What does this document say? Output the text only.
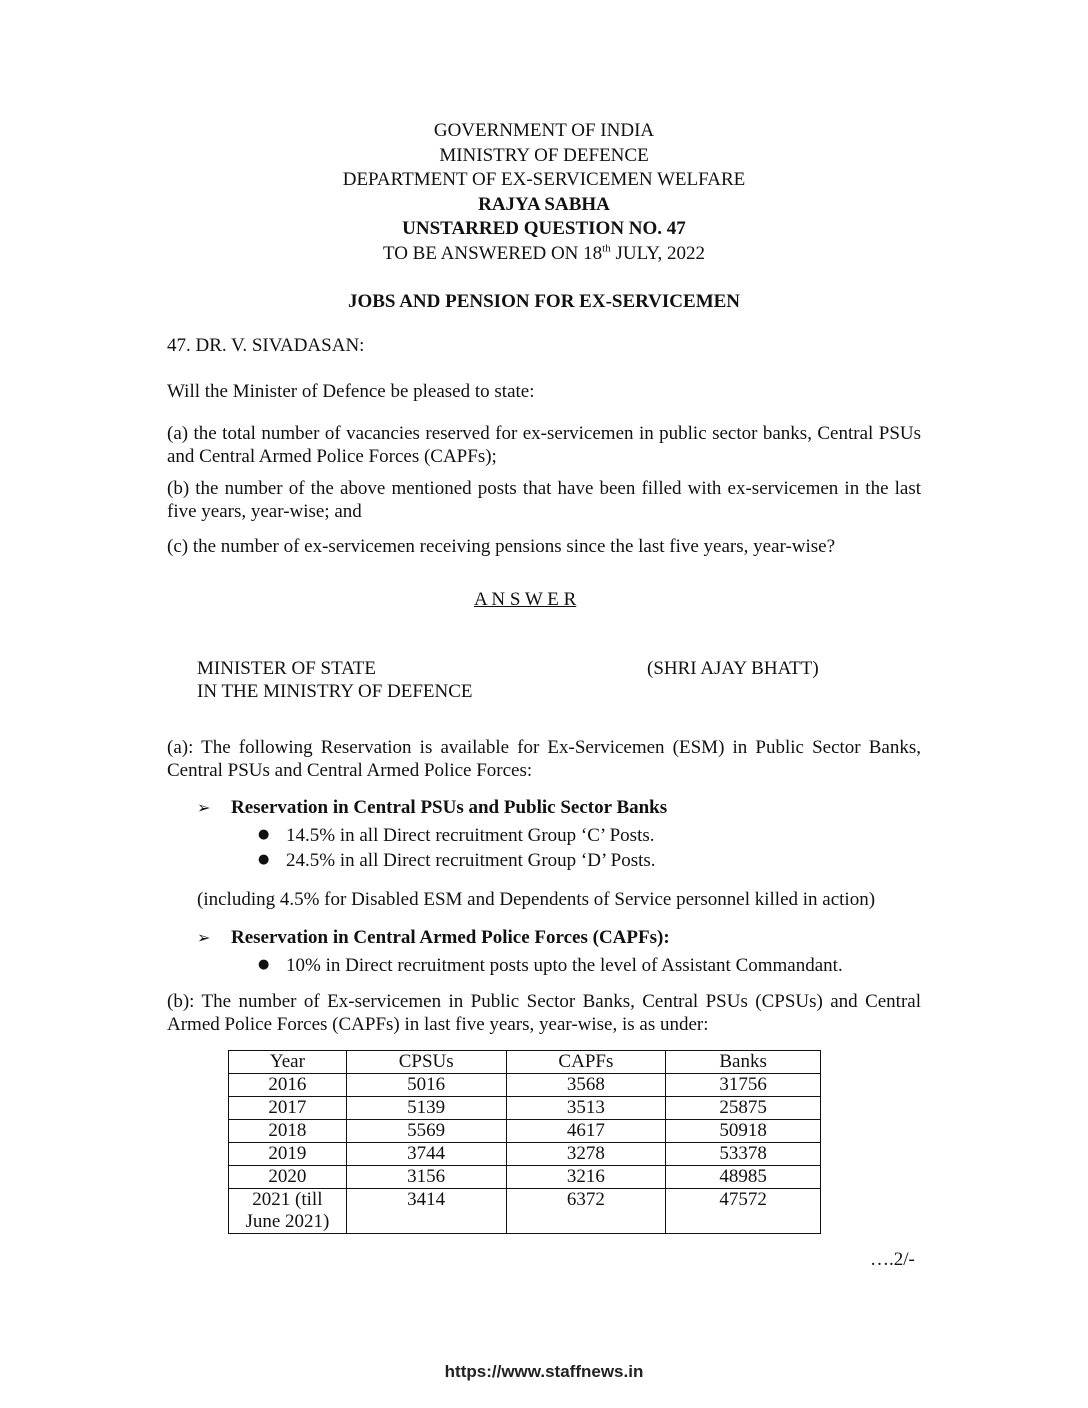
GOVERNMENT OF INDIA
MINISTRY OF DEFENCE
DEPARTMENT OF EX-SERVICEMEN WELFARE
RAJYA SABHA
UNSTARRED QUESTION NO. 47
TO BE ANSWERED ON 18th JULY, 2022
JOBS AND PENSION FOR EX-SERVICEMEN
47. DR. V. SIVADASAN:
Will the Minister of Defence be pleased to state:
(a) the total number of vacancies reserved for ex-servicemen in public sector banks, Central PSUs and Central Armed Police Forces (CAPFs);
(b) the number of the above mentioned posts that have been filled with ex-servicemen in the last five years, year-wise; and
(c) the number of ex-servicemen receiving pensions since the last five years, year-wise?
A N S W E R
MINISTER OF STATE
IN THE MINISTRY OF DEFENCE
(SHRI AJAY BHATT)
(a): The following Reservation is available for Ex-Servicemen (ESM) in Public Sector Banks, Central PSUs and Central Armed Police Forces:
➢ Reservation in Central PSUs and Public Sector Banks
● 14.5% in all Direct recruitment Group ‘C’ Posts.
● 24.5% in all Direct recruitment Group ‘D’ Posts.
(including 4.5% for Disabled ESM and Dependents of Service personnel killed in action)
➢ Reservation in Central Armed Police Forces (CAPFs):
● 10% in Direct recruitment posts upto the level of Assistant Commandant.
(b): The number of Ex-servicemen in Public Sector Banks, Central PSUs (CPSUs) and Central Armed Police Forces (CAPFs) in last five years, year-wise, is as under:
Year	CPSUs	CAPFs	Banks
2016	5016	3568	31756
2017	5139	3513	25875
2018	5569	4617	50918
2019	3744	3278	53378
2020	3156	3216	48985
2021 (till June 2021)	3414	6372	47572
….2/-
https://www.staffnews.in
